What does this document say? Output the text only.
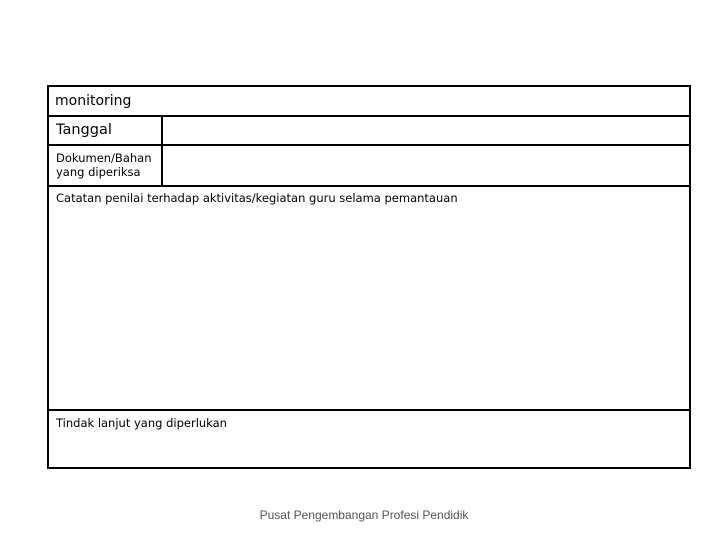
monitoring
Tanggal
Dokumen/Bahan yang diperiksa
Catatan penilai terhadap aktivitas/kegiatan guru selama pemantauan
Tindak lanjut yang diperlukan
Pusat Pengembangan Profesi Pendidik
